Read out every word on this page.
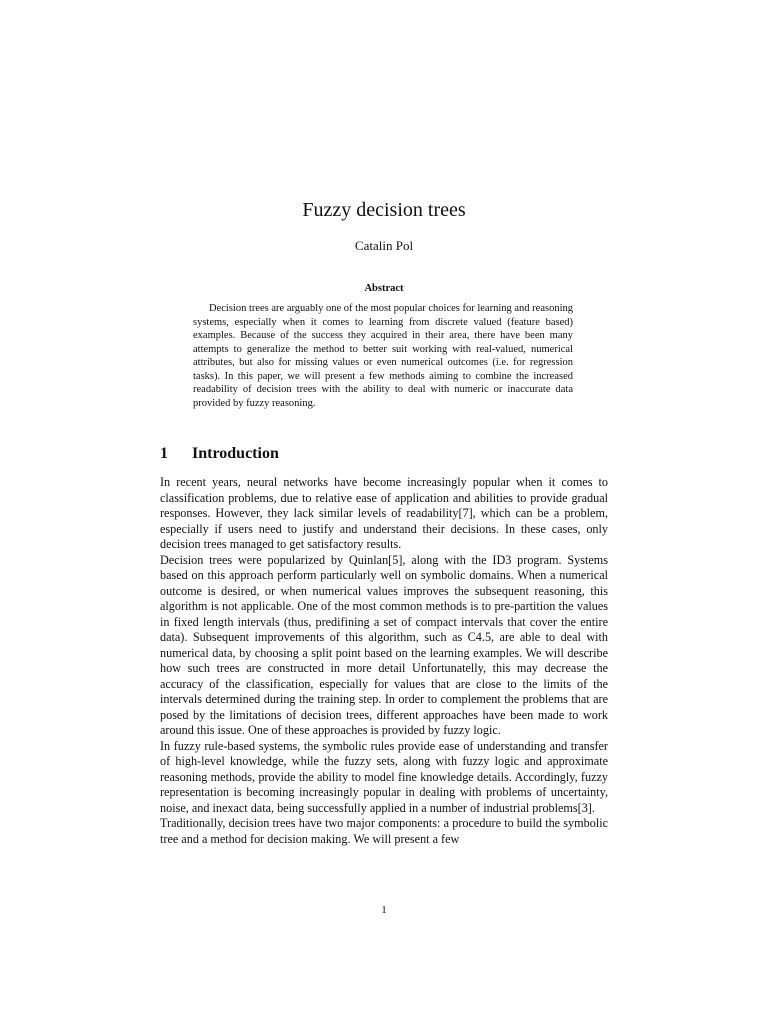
Fuzzy decision trees
Catalin Pol
Abstract

Decision trees are arguably one of the most popular choices for learning and reasoning systems, especially when it comes to learning from discrete valued (feature based) examples. Because of the success they acquired in their area, there have been many attempts to generalize the method to better suit working with real-valued, numerical attributes, but also for missing values or even numerical outcomes (i.e. for regression tasks). In this paper, we will present a few methods aiming to combine the increased readability of decision trees with the ability to deal with numeric or inaccurate data provided by fuzzy reasoning.

1 Introduction

In recent years, neural networks have become increasingly popular when it comes to classification problems, due to relative ease of application and abilities to provide gradual responses. However, they lack similar levels of readability[7], which can be a problem, especially if users need to justify and understand their decisions. In these cases, only decision trees managed to get satisfactory results.

Decision trees were popularized by Quinlan[5], along with the ID3 program. Systems based on this approach perform particularly well on symbolic domains. When a numerical outcome is desired, or when numerical values improves the subsequent reasoning, this algorithm is not applicable. One of the most common methods is to pre-partition the values in fixed length intervals (thus, predifining a set of compact intervals that cover the entire data). Subsequent improvements of this algorithm, such as C4.5, are able to deal with numerical data, by choosing a split point based on the learning examples. We will describe how such trees are constructed in more detail Unfortunatelly, this may decrease the accuracy of the classification, especially for values that are close to the limits of the intervals determined during the training step. In order to complement the problems that are posed by the limitations of decision trees, different approaches have been made to work around this issue. One of these approaches is provided by fuzzy logic.

In fuzzy rule-based systems, the symbolic rules provide ease of understanding and transfer of high-level knowledge, while the fuzzy sets, along with fuzzy logic and approximate reasoning methods, provide the ability to model fine knowledge details. Accordingly, fuzzy representation is becoming increasingly popular in dealing with problems of uncertainty, noise, and inexact data, being successfully applied in a number of industrial problems[3].

Traditionally, decision trees have two major components: a procedure to build the symbolic tree and a method for decision making. We will present a few

1
